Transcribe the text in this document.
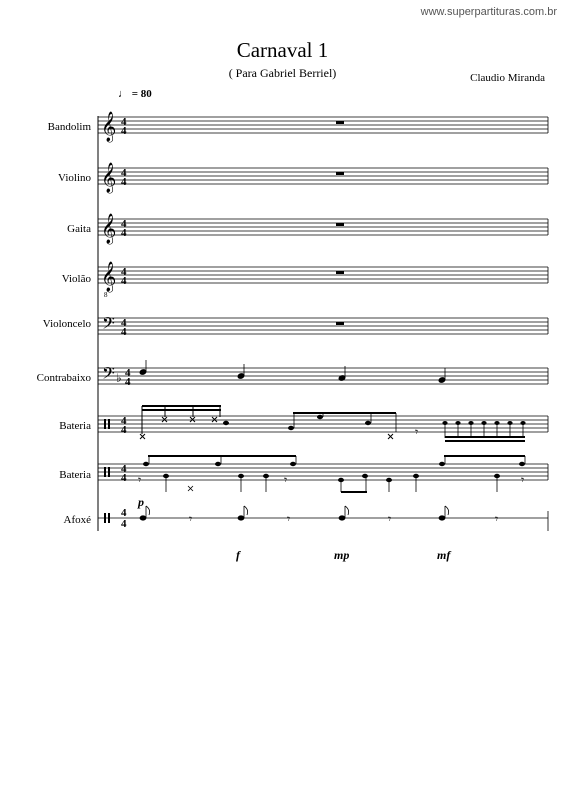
www.superpartituras.com.br
Carnaval 1
( Para Gabriel Berriel)	Claudio Miranda
♩ = 80
Bandolim
Violino
Gaita
Violão
Violoncelo
Contrabaixo
Bateria
Bateria
Afoxé
f	mp	mf
𝄞 4
4
𝄞 4
4
𝄞 4
4
𝄞
8
4
4
𝄢 4
4
𝄢 ♭ 4
4
4
4	𝄾
4
4 𝄾	𝄾	𝄾
p
4
4	𝄾	𝄾	𝄾	𝄾
